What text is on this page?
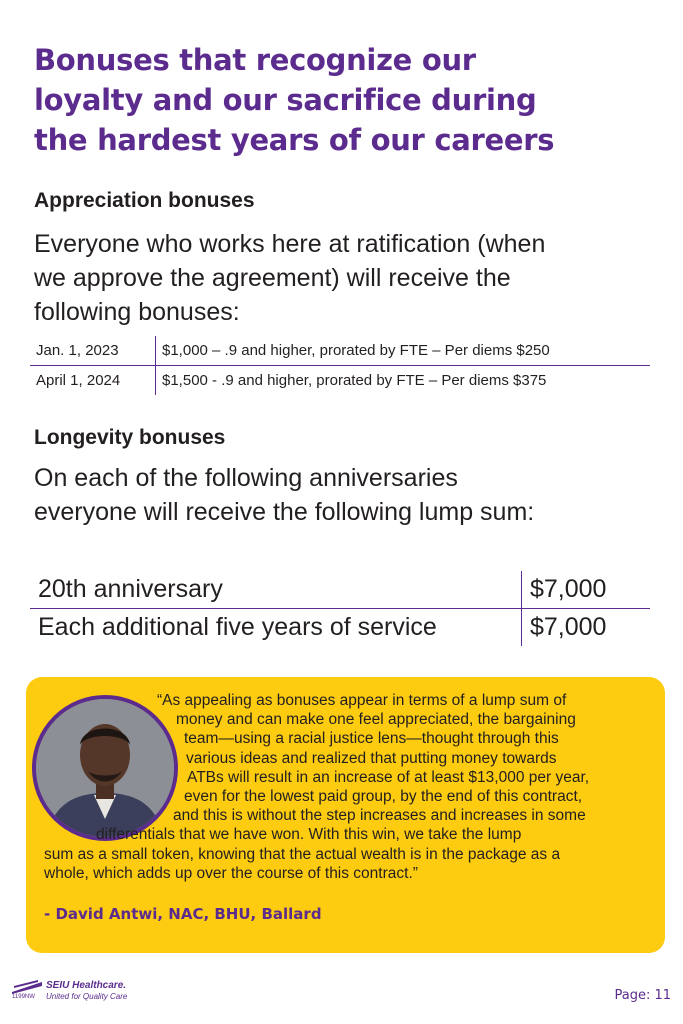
Bonuses that recognize our
loyalty and our sacrifice during
the hardest years of our careers
Appreciation bonuses
Everyone who works here at ratification (when
we approve the agreement) will receive the
following bonuses:
Jan. 1, 2023	$1,000 – .9 and higher, prorated by FTE – Per diems $250
April 1, 2024	$1,500 - .9 and higher, prorated by FTE – Per diems $375
Longevity bonuses
On each of the following anniversaries
everyone will receive the following lump sum:
20th anniversary	$7,000
Each additional five years of service	$7,000
“As appealing as bonuses appear in terms of a lump sum of
money and can make one feel appreciated, the bargaining
team—using a racial justice lens—thought through this
various ideas and realized that putting money towards
ATBs will result in an increase of at least $13,000 per year,
even for the lowest paid group, by the end of this contract,
and this is without the step increases and increases in some
differentials that we have won. With this win, we take the lump
sum as a small token, knowing that the actual wealth is in the package as a
whole, which adds up over the course of this contract.”
- David Antwi, NAC, BHU, Ballard
SEIU Healthcare.
United for Quality Care
1199NW	Page: 11
